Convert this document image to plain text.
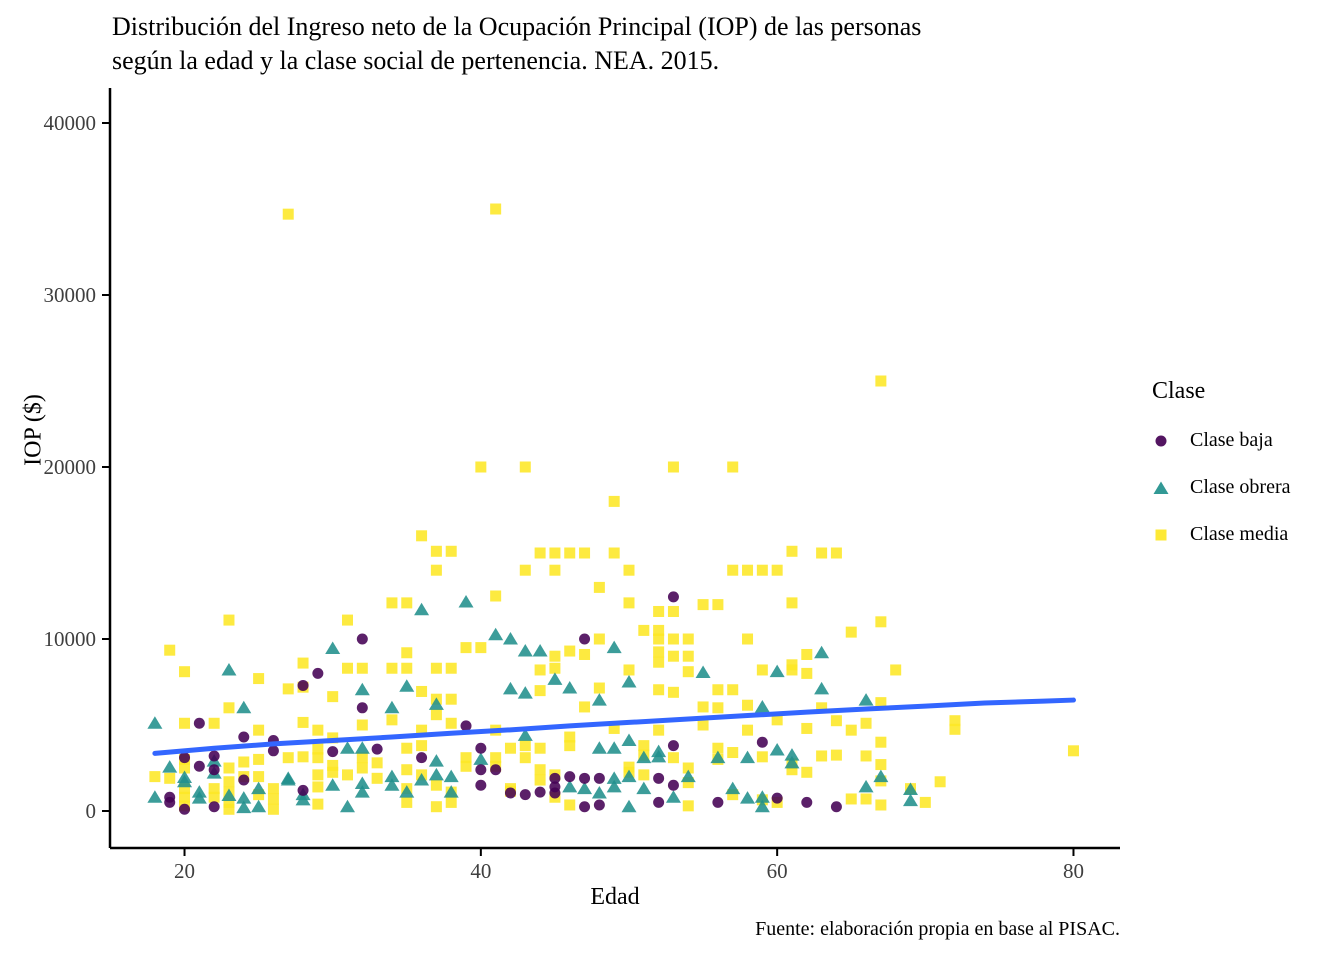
Distribución del Ingreso neto de la Ocupación Principal (IOP) de las personas
según la edad y la clase social de pertenencia. NEA. 2015.
20	40	60	80
0
10000
20000
30000
40000
IOP ($)
Edad
Fuente: elaboración propia en base al PISAC.
Clase
Clase baja
Clase obrera
Clase media
